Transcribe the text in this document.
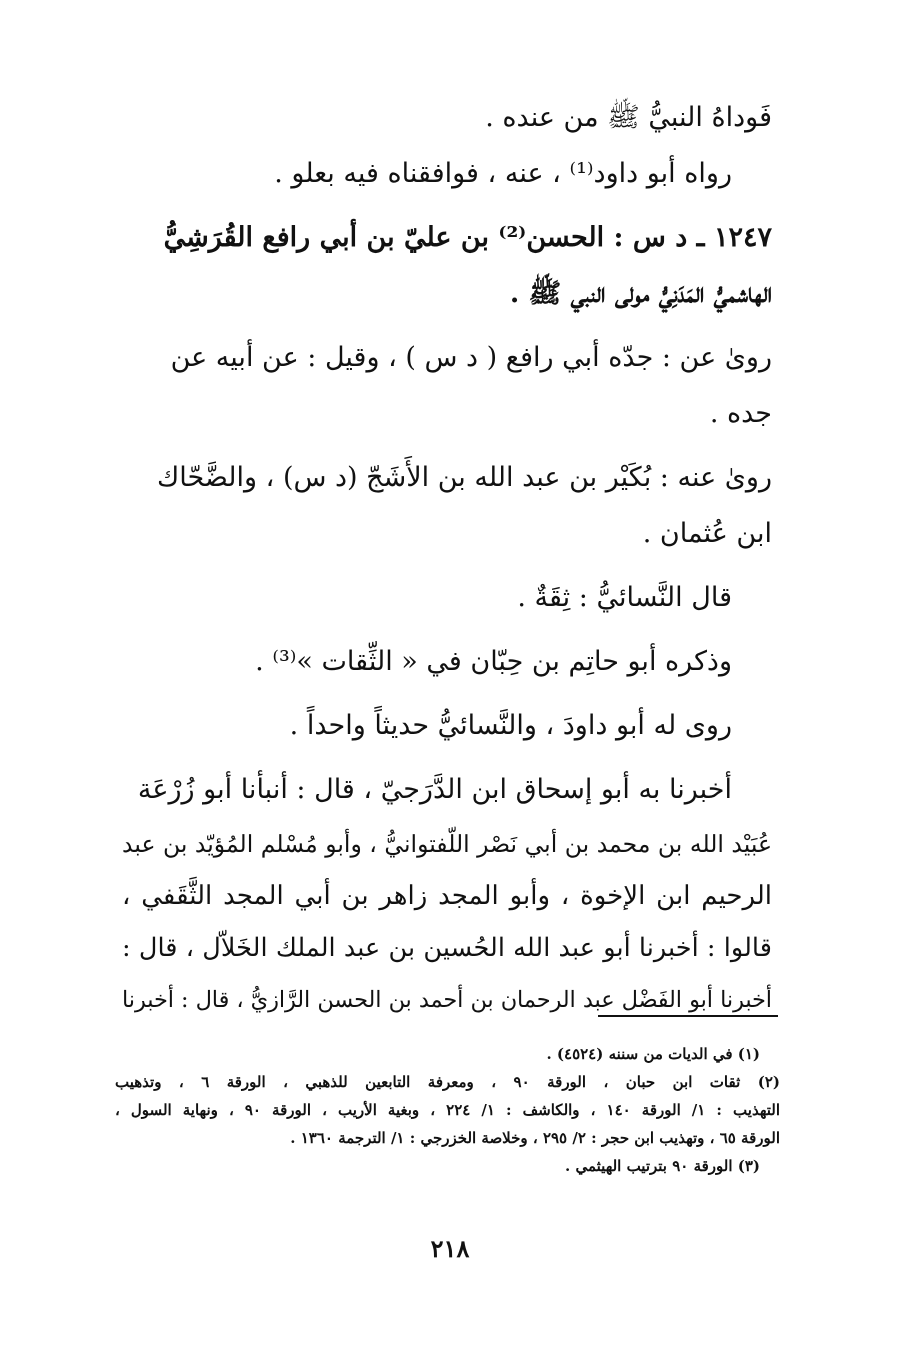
فَوداهُ النبيُّ ﷺ من عنده .
رواه أبو داود⁽¹⁾ ، عنه ، فوافقناه فيه بعلو .
١٢٤٧ ـ د س : الحسن⁽²⁾ بن عليّ بن أبي رافع القُرَشِيُّ
الهاشميُّ المَدَنِيُّ مولى النبي ﷺ .
روىٰ عن : جدّه أبي رافع ( د س ) ، وقيل : عن أبيه عن
جده .
روىٰ عنه : بُكَيْر بن عبد الله بن الأَشَجّ (د س) ، والضَّحّاك
ابن عُثمان .
قال النَّسائيُّ : ثِقَةٌ .
وذكره أبو حاتِم بن حِبّان في « الثِّقات »⁽³⁾ .
روى له أبو داودَ ، والنَّسائيُّ حديثاً واحداً .
أخبرنا به أبو إسحاق ابن الدَّرَجيّ ، قال : أنبأنا أبو زُرْعَة
عُبَيْد الله بن محمد بن أبي نَصْر اللّفتوانيُّ ، وأبو مُسْلم المُؤيّد بن عبد
الرحيم ابن الإخوة ، وأبو المجد زاهر بن أبي المجد الثَّقَفي ،
قالوا : أخبرنا أبو عبد الله الحُسين بن عبد الملك الخَلاّل ، قال :
أخبرنا أبو الفَضْل عبد الرحمان بن أحمد بن الحسن الرَّازيُّ ، قال : أخبرنا
(١) في الديات من سننه (٤٥٢٤) .
(٢) ثقات ابن حبان ، الورقة ٩٠ ، ومعرفة التابعين للذهبي ، الورقة ٦ ، وتذهيب
التهذيب : ١/ الورقة ١٤٠ ، والكاشف : ١/ ٢٢٤ ، وبغية الأريب ، الورقة ٩٠ ، ونهاية السول ،
الورقة ٦٥ ، وتهذيب ابن حجر : ٢/ ٢٩٥ ، وخلاصة الخزرجي : ١/ الترجمة ١٣٦٠ .
(٣) الورقة ٩٠ بترتيب الهيثمي .
٢١٨
